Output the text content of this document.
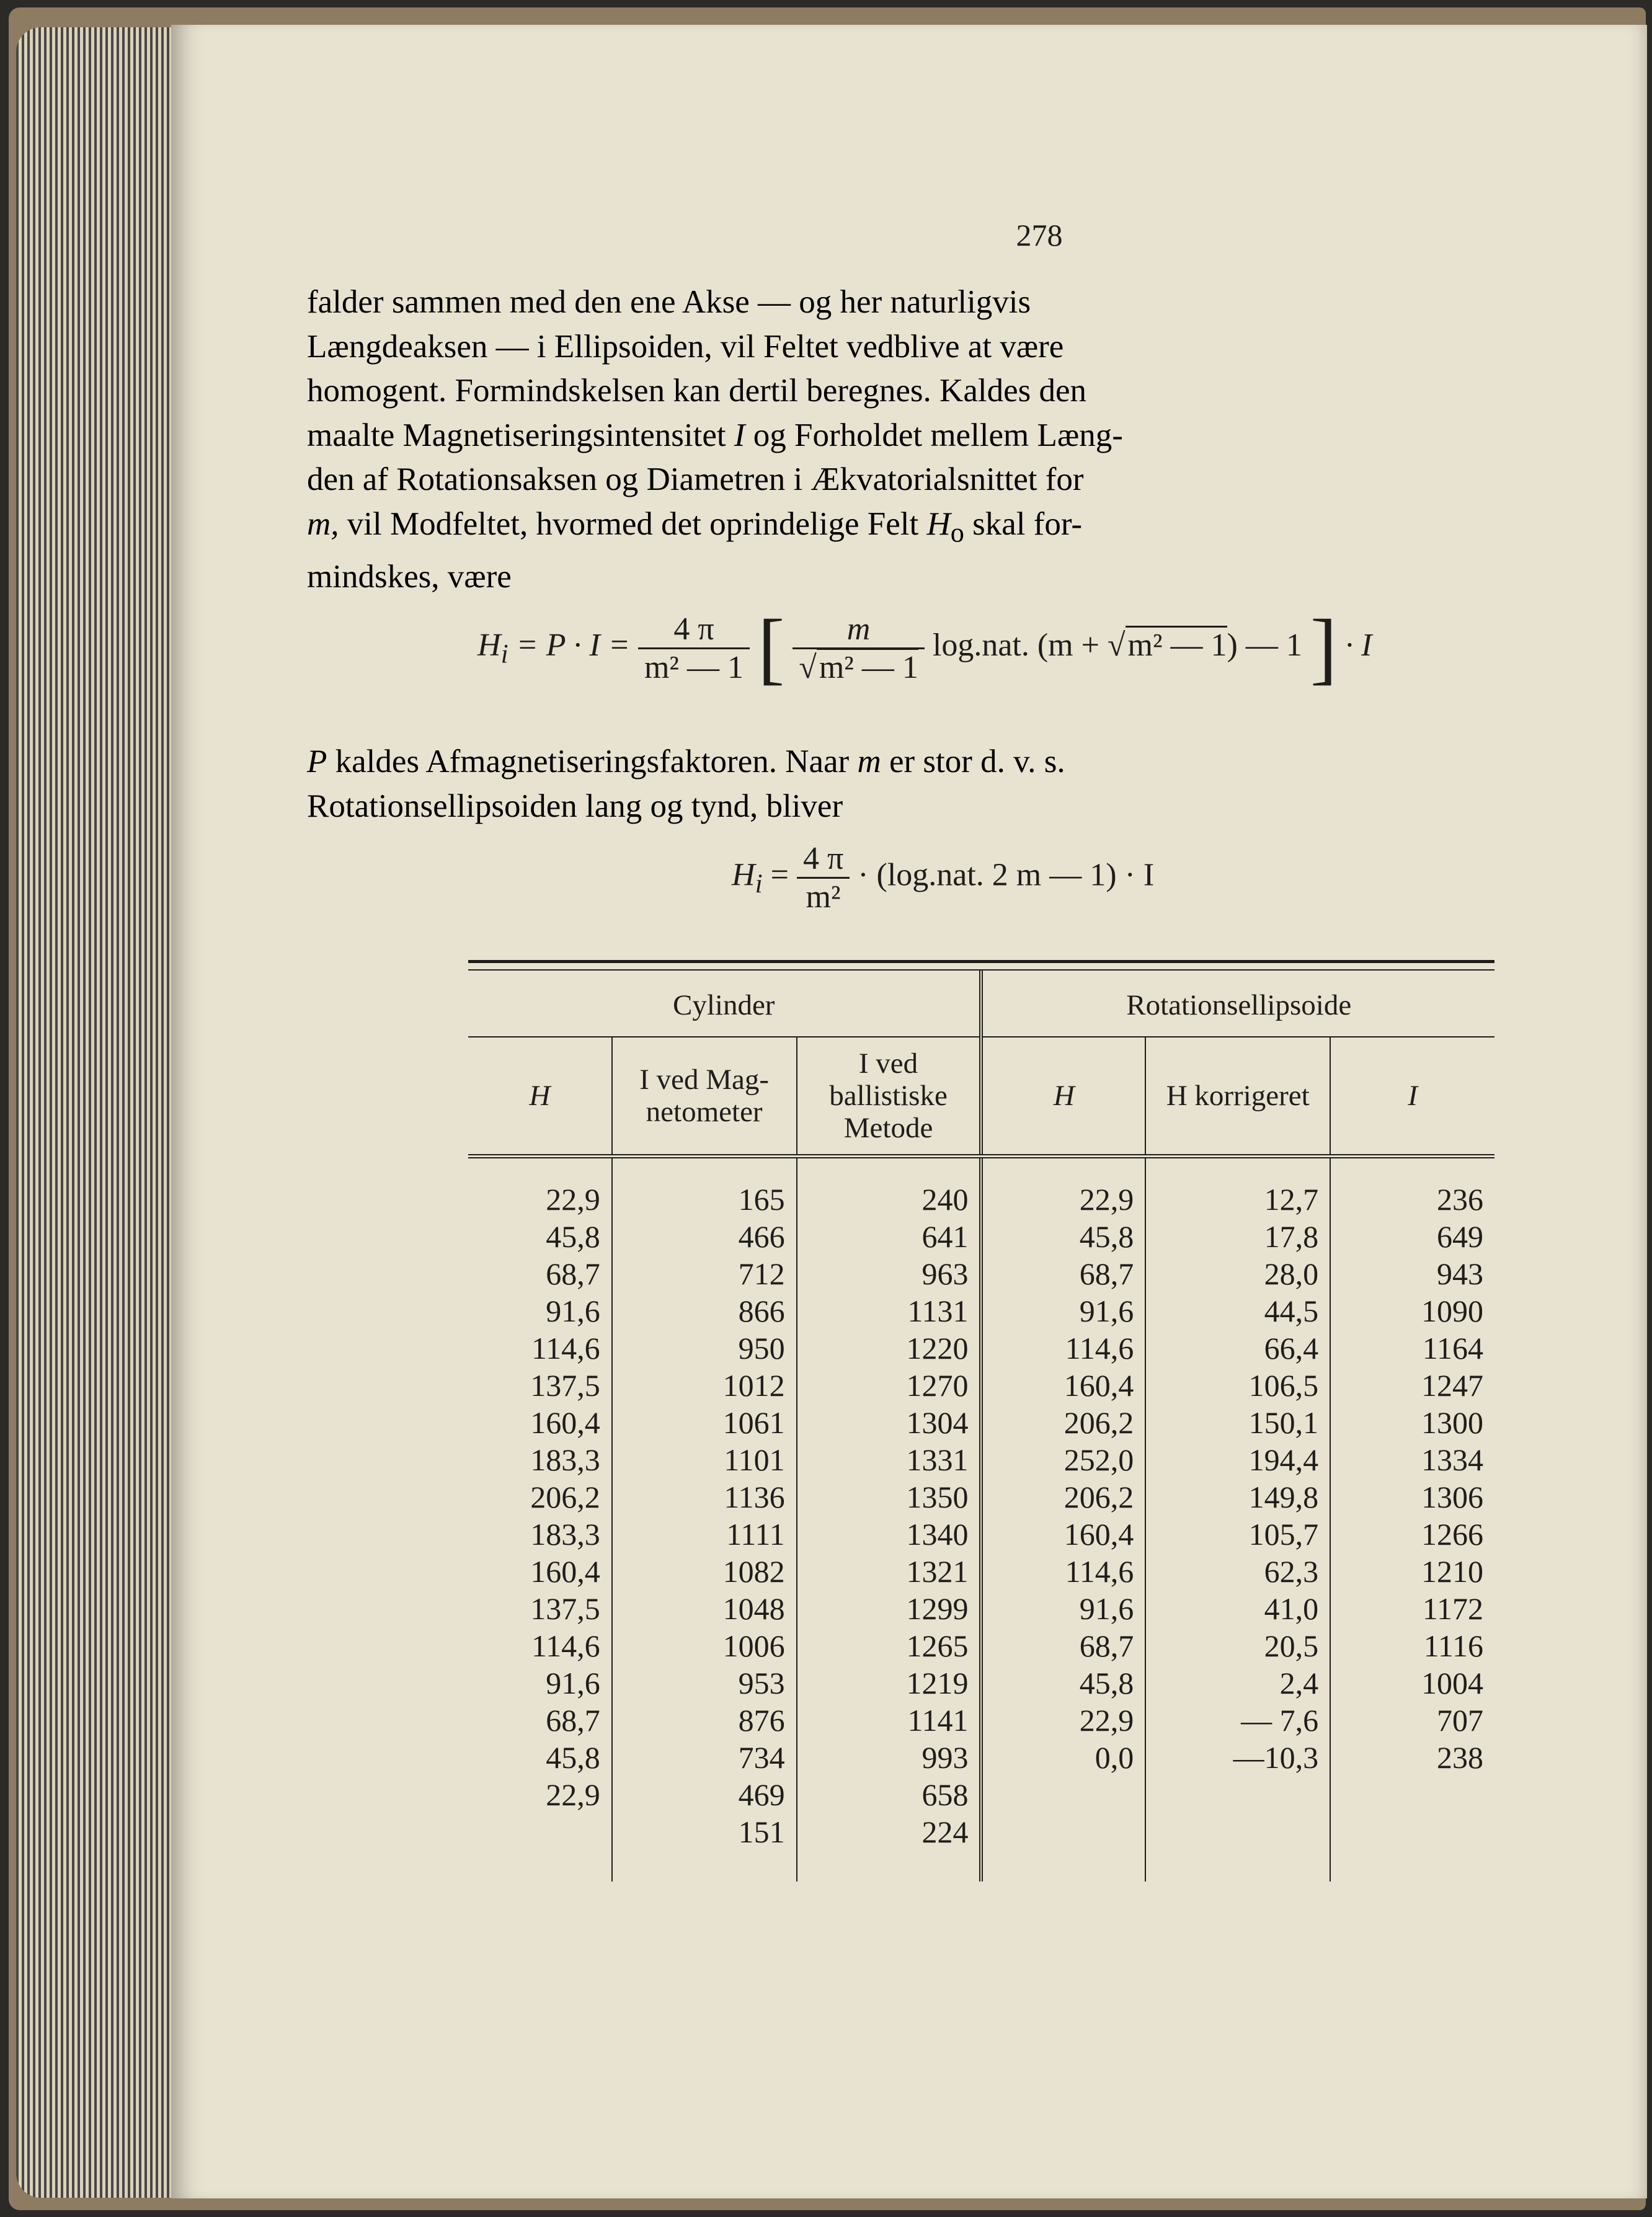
278
falder sammen med den ene Akse — og her naturligvis
Længdeaksen — i Ellipsoiden, vil Feltet vedblive at være
homogent. Formindskelsen kan dertil beregnes. Kaldes den
maalte Magnetiseringsintensitet I og Forholdet mellem Læng-
den af Rotationsaksen og Diametren i Ækvatorialsnittet for
m, vil Modfeltet, hvormed det oprindelige Felt $H_o$ skal for-
mindskes, være
$H_i = P \cdot I = \frac{4 \pi}{\text{m² — 1}}$ [ $\frac{m}{\text{√m² — 1}} \log.nat$. (m + √m² — 1) — 1 ] · I
P kaldes Afmagnetiseringsfaktoren. Naar m er stor d. v. s.
Rotationsellipsoiden lang og tynd, bliver
$H_i = \frac{4 \pi}{\text{m²}} \cdot (\log.nat$. 2 m — 1) · I
Cylinder			Rotationsellipsoide		
H	I ved Mag-netometer	I ved ballistiske Metode	H	H korrigeret	I
22,9	165	240	22,9	12,7	236
45,8	466	641	45,8	17,8	649
68,7	712	963	68,7	28,0	943
91,6	866	1131	91,6	44,5	1090
114,6	950	1220	114,6	66,4	1164
137,5	1012	1270	160,4	106,5	1247
160,4	1061	1304	206,2	150,1	1300
183,3	1101	1331	252,0	194,4	1334
206,2	1136	1350	206,2	149,8	1306
183,3	1111	1340	160,4	105,7	1266
160,4	1082	1321	114,6	62,3	1210
137,5	1048	1299	91,6	41,0	1172
114,6	1006	1265	68,7	20,5	1116
91,6	953	1219	45,8	2,4	1004
68,7	876	1141	22,9	— 7,6	707
45,8	734	993	0,0	—10,3	238
22,9	469	658			
	151	224			
